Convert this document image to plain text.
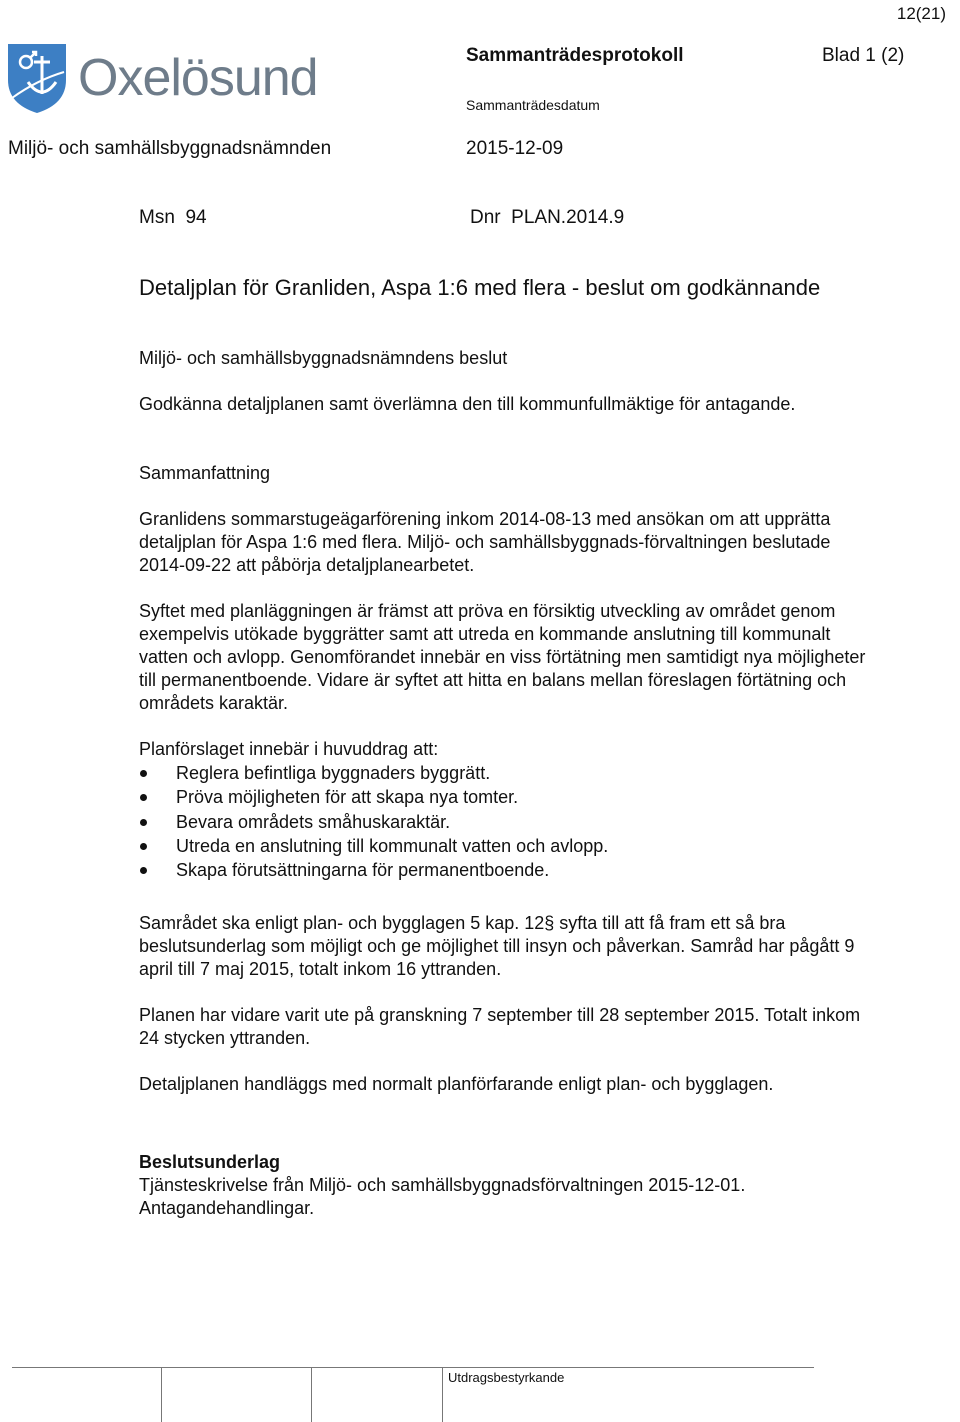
12(21)
Oxelösund	Sammanträdesprotokoll	Blad 1 (2)
Sammanträdesdatum
Miljö- och samhällsbyggnadsnämnden	2015-12-09
Msn  94	Dnr  PLAN.2014.9
Detaljplan för Granliden, Aspa 1:6 med flera - beslut om godkännande
Miljö- och samhällsbyggnadsnämndens beslut

Godkänna detaljplanen samt överlämna den till kommunfullmäktige för antagande.

Sammanfattning

Granlidens sommarstugeägarförening inkom 2014-08-13 med ansökan om att upprätta detaljplan för Aspa 1:6 med flera. Miljö- och samhällsbyggnads-förvaltningen beslutade 2014-09-22 att påbörja detaljplanearbetet.

Syftet med planläggningen är främst att pröva en försiktig utveckling av området genom exempelvis utökade byggrätter samt att utreda en kommande anslutning till kommunalt vatten och avlopp. Genomförandet innebär en viss förtätning men samtidigt nya möjligheter till permanentboende. Vidare är syftet att hitta en balans mellan föreslagen förtätning och områdets karaktär.

Planförslaget innebär i huvuddrag att:

Reglera befintliga byggnaders byggrätt.
Pröva möjligheten för att skapa nya tomter.
Bevara områdets småhuskaraktär.
Utreda en anslutning till kommunalt vatten och avlopp.
Skapa förutsättningarna för permanentboende.

Samrådet ska enligt plan- och bygglagen 5 kap. 12§ syfta till att få fram ett så bra beslutsunderlag som möjligt och ge möjlighet till insyn och påverkan. Samråd har pågått 9 april till 7 maj 2015, totalt inkom 16 yttranden.

Planen har vidare varit ute på granskning 7 september till 28 september 2015. Totalt inkom 24 stycken yttranden.

Detaljplanen handläggs med normalt planförfarande enligt plan- och bygglagen.

Beslutsunderlag

Tjänsteskrivelse från Miljö- och samhällsbyggnadsförvaltningen 2015-12-01.

Antagandehandlingar.

Utdragsbestyrkande
